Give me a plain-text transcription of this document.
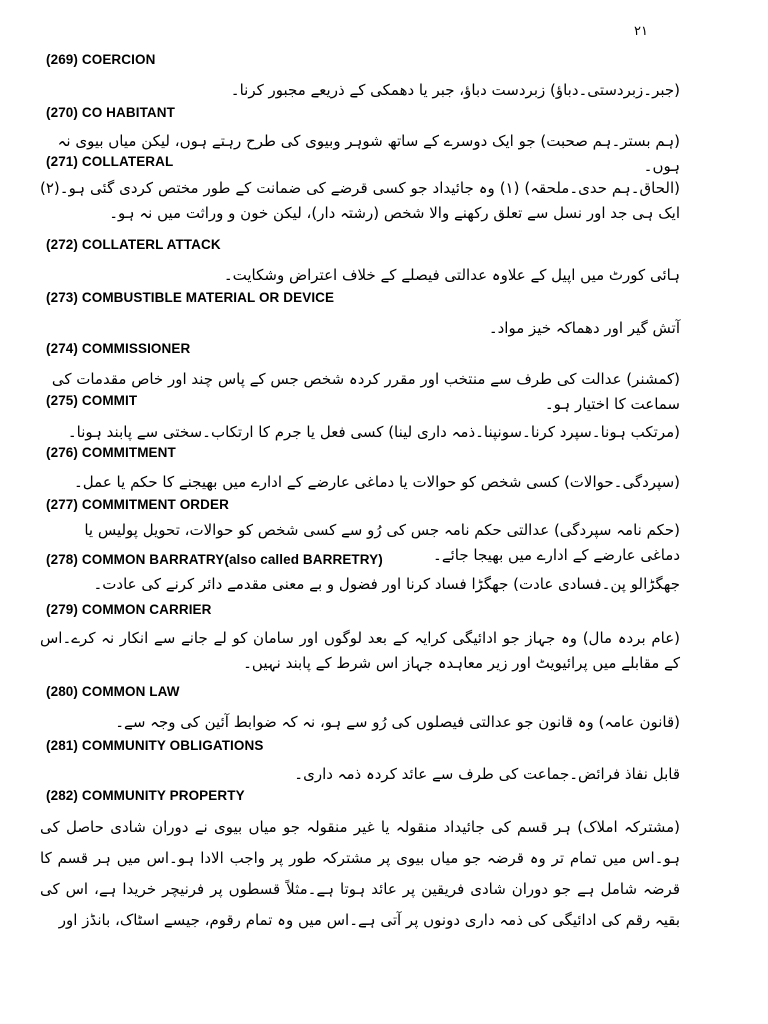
۲۱
(269) COERCION
(جبر۔زبردستی۔دباؤ) زبردست دباؤ، جبر یا دھمکی کے ذریعے مجبور کرنا۔
(270) CO HABITANT
(ہم بستر۔ہم صحبت) جو ایک دوسرے کے ساتھ شوہر وبیوی کی طرح رہتے ہوں، لیکن میاں بیوی نہ ہوں۔
(271) COLLATERAL
(الحاق۔ہم حدی۔ملحقہ) (۱) وہ جائیداد جو کسی قرضے کی ضمانت کے طور مختص کردی گئی ہو۔(۲) ایک ہی جد اور نسل سے تعلق رکھنے والا شخص (رشتہ دار)، لیکن خون و وراثت میں نہ ہو۔
(272) COLLATERL ATTACK
ہائی کورٹ میں اپیل کے علاوہ عدالتی فیصلے کے خلاف اعتراض وشکایت۔
(273) COMBUSTIBLE MATERIAL OR DEVICE
آتش گیر اور دھماکہ خیز مواد۔
(274) COMMISSIONER
(کمشنر) عدالت کی طرف سے منتخب اور مقرر کردہ شخص جس کے پاس چند اور خاص مقدمات کی سماعت کا اختیار ہو۔
(275) COMMIT
(مرتکب ہونا۔سپرد کرنا۔سونپنا۔ذمہ داری لینا) کسی فعل یا جرم کا ارتکاب۔سختی سے پابند ہونا۔
(276) COMMITMENT
(سپردگی۔حوالات) کسی شخص کو حوالات یا دماغی عارضے کے ادارے میں بھیجنے کا حکم یا عمل۔
(277) COMMITMENT ORDER
(حکم نامہ سپردگی) عدالتی حکم نامہ جس کی رُو سے کسی شخص کو حوالات، تحویل پولیس یا دماغی عارضے کے ادارے میں بھیجا جائے۔
(278) COMMON BARRATRY(also called BARRETRY)
جھگڑالو پن۔فسادی عادت) جھگڑا فساد کرنا اور فضول و بے معنی مقدمے دائر کرنے کی عادت۔
(279) COMMON CARRIER
(عام بردہ مال) وہ جہاز جو ادائیگی کرایہ کے بعد لوگوں اور سامان کو لے جانے سے انکار نہ کرے۔اس کے مقابلے میں پرائیویٹ اور زیر معاہدہ جہاز اس شرط کے پابند نہیں۔
(280) COMMON LAW
(قانون عامہ) وہ قانون جو عدالتی فیصلوں کی رُو سے ہو، نہ کہ ضوابط آئین کی وجہ سے۔
(281) COMMUNITY OBLIGATIONS
قابل نفاذ فرائض۔جماعت کی طرف سے عائد کردہ ذمہ داری۔
(282) COMMUNITY PROPERTY
(مشترکہ املاک) ہر قسم کی جائیداد منقولہ یا غیر منقولہ جو میاں بیوی نے دوران شادی حاصل کی ہو۔اس میں تمام تر وہ قرضہ جو میاں بیوی پر مشترکہ طور پر واجب الادا ہو۔اس میں ہر قسم کا قرضہ شامل ہے جو دوران شادی فریقین پر عائد ہوتا ہے۔مثلاً قسطوں پر فرنیچر خریدا ہے، اس کی بقیہ رقم کی ادائیگی کی ذمہ داری دونوں پر آتی ہے۔اس میں وہ تمام رقوم، جیسے اسٹاک، بانڈز اور
